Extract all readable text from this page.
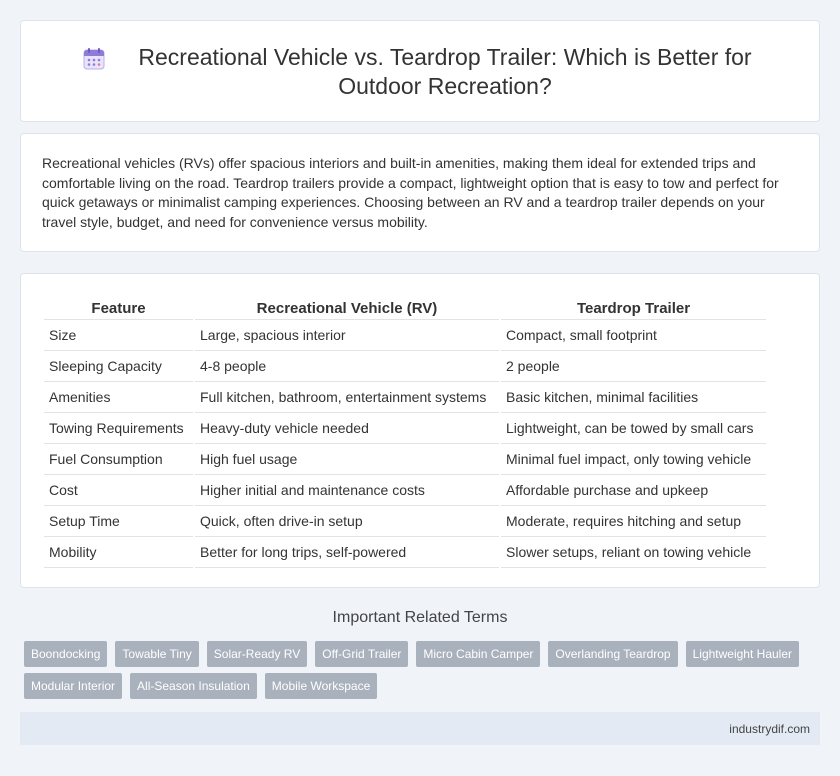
Recreational Vehicle vs. Teardrop Trailer: Which is Better for Outdoor Recreation?

Recreational vehicles (RVs) offer spacious interiors and built-in amenities, making them ideal for extended trips and comfortable living on the road. Teardrop trailers provide a compact, lightweight option that is easy to tow and perfect for quick getaways or minimalist camping experiences. Choosing between an RV and a teardrop trailer depends on your travel style, budget, and need for convenience versus mobility.

Feature	Recreational Vehicle (RV)	Teardrop Trailer
Size	Large, spacious interior	Compact, small footprint
Sleeping Capacity	4-8 people	2 people
Amenities	Full kitchen, bathroom, entertainment systems	Basic kitchen, minimal facilities
Towing Requirements	Heavy-duty vehicle needed	Lightweight, can be towed by small cars
Fuel Consumption	High fuel usage	Minimal fuel impact, only towing vehicle
Cost	Higher initial and maintenance costs	Affordable purchase and upkeep
Setup Time	Quick, often drive-in setup	Moderate, requires hitching and setup
Mobility	Better for long trips, self-powered	Slower setups, reliant on towing vehicle
Important Related Terms
Boondocking	Towable Tiny	Solar-Ready RV	Off-Grid Trailer	Micro Cabin Camper	Overlanding Teardrop	Lightweight Hauler
Modular Interior	All-Season Insulation	Mobile Workspace
industrydif.com
